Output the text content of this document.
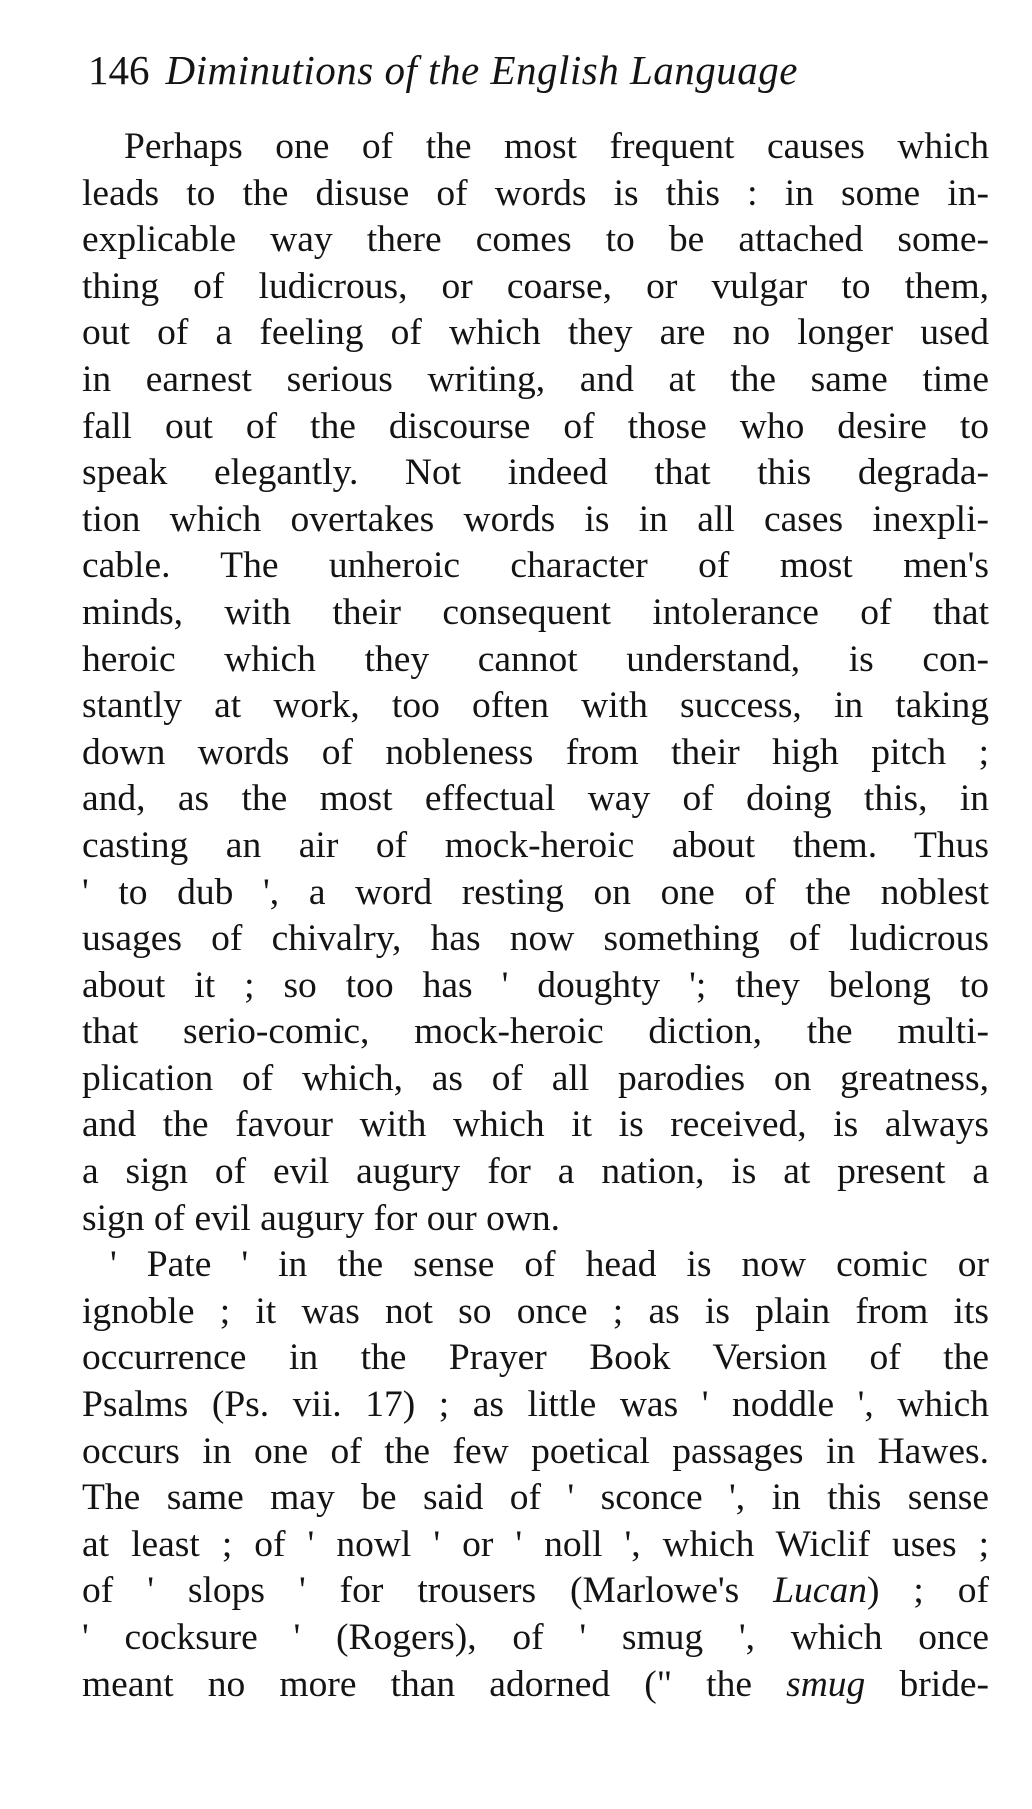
146 Diminutions of the English Language
Perhaps one of the most frequent causes which
leads to the disuse of words is this : in some in-
explicable way there comes to be attached some-
thing of ludicrous, or coarse, or vulgar to them,
out of a feeling of which they are no longer used
in earnest serious writing, and at the same time
fall out of the discourse of those who desire to
speak elegantly. Not indeed that this degrada-
tion which overtakes words is in all cases inexpli-
cable. The unheroic character of most men's
minds, with their consequent intolerance of that
heroic which they cannot understand, is con-
stantly at work, too often with success, in taking
down words of nobleness from their high pitch ;
and, as the most effectual way of doing this, in
casting an air of mock-heroic about them. Thus
' to dub ', a word resting on one of the noblest
usages of chivalry, has now something of ludicrous
about it ; so too has ' doughty '; they belong to
that serio-comic, mock-heroic diction, the multi-
plication of which, as of all parodies on greatness,
and the favour with which it is received, is always
a sign of evil augury for a nation, is at present a
sign of evil augury for our own.
' Pate ' in the sense of head is now comic or
ignoble ; it was not so once ; as is plain from its
occurrence in the Prayer Book Version of the
Psalms (Ps. vii. 17) ; as little was ' noddle ', which
occurs in one of the few poetical passages in Hawes.
The same may be said of ' sconce ', in this sense
at least ; of ' nowl ' or ' noll ', which Wiclif uses ;
of ' slops ' for trousers (Marlowe's Lucan) ; of
' cocksure ' (Rogers), of ' smug ', which once
meant no more than adorned (" the smug bride-
